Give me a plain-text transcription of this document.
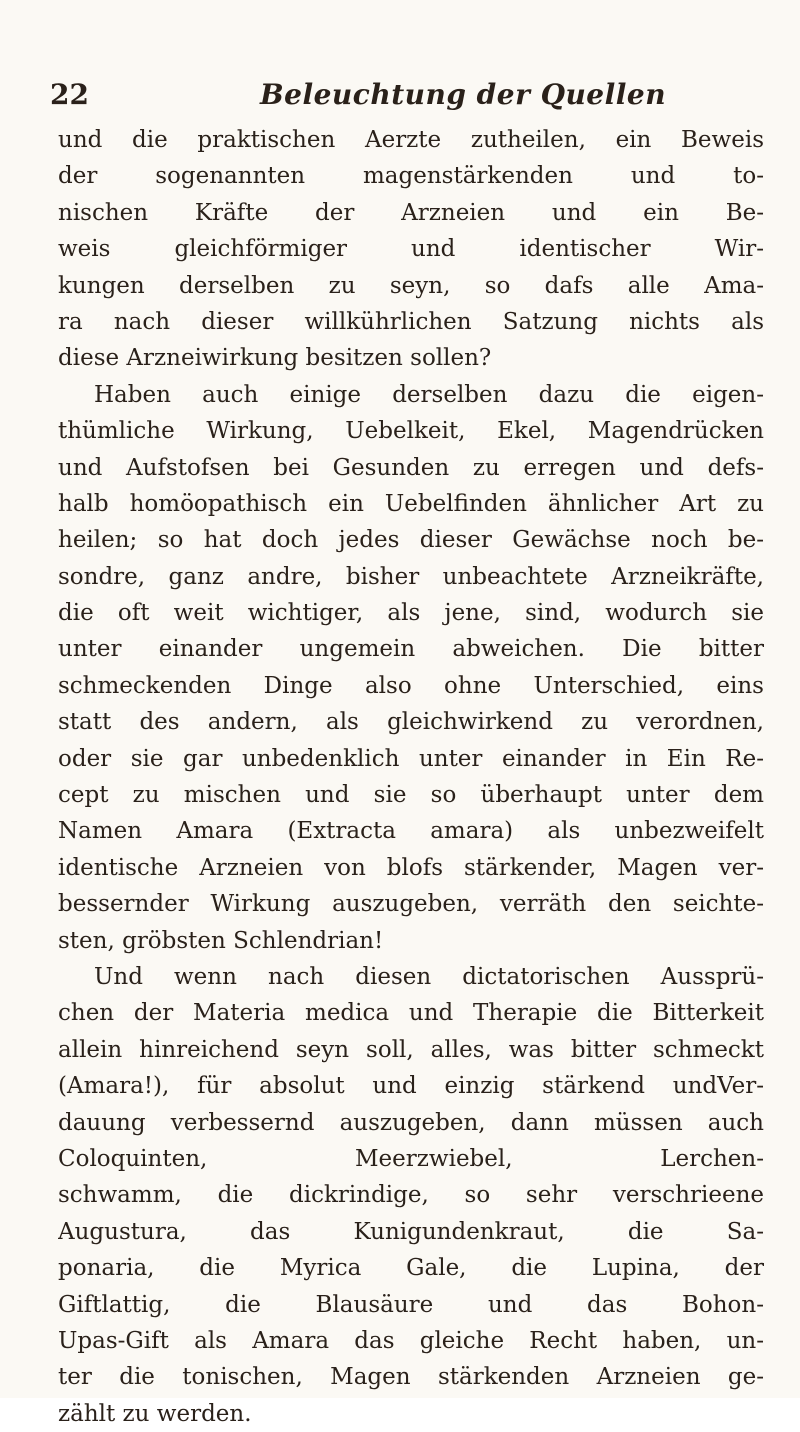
22	Beleuchtung der Quellen
und die praktischen Aerzte zutheilen, ein Beweis
der sogenannten magenstärkenden und to-
nischen Kräfte der Arzneien und ein Be-
weis gleichförmiger und identischer Wir-
kungen derselben zu seyn, so dafs alle Ama-
ra nach dieser willkührlichen Satzung nichts als
diese Arzneiwirkung besitzen sollen?
Haben auch einige derselben dazu die eigen-
thümliche Wirkung, Uebelkeit, Ekel, Magendrücken
und Aufstofsen bei Gesunden zu erregen und defs-
halb homöopathisch ein Uebelfinden ähnlicher Art zu
heilen; so hat doch jedes dieser Gewächse noch be-
sondre, ganz andre, bisher unbeachtete Arzneikräfte,
die oft weit wichtiger, als jene, sind, wodurch sie
unter einander ungemein abweichen. Die bitter
schmeckenden Dinge also ohne Unterschied, eins
statt des andern, als gleichwirkend zu verordnen,
oder sie gar unbedenklich unter einander in Ein Re-
cept zu mischen und sie so überhaupt unter dem
Namen Amara (Extracta amara) als unbezweifelt
identische Arzneien von blofs stärkender, Magen ver-
bessernder Wirkung auszugeben, verräth den seichte-
sten, gröbsten Schlendrian!
Und wenn nach diesen dictatorischen Aussprü-
chen der Materia medica und Therapie die Bitterkeit
allein hinreichend seyn soll, alles, was bitter schmeckt
(Amara!), für absolut und einzig stärkend undVer-
dauung verbessernd auszugeben, dann müssen auch
Coloquinten, Meerzwiebel, Lerchen-
schwamm, die dickrindige, so sehr verschrieene
Augustura, das Kunigundenkraut, die Sa-
ponaria, die Myrica Gale, die Lupina, der
Giftlattig, die Blausäure und das Bohon-
Upas-Gift als Amara das gleiche Recht haben, un-
ter die tonischen, Magen stärkenden Arzneien ge-
zählt zu werden.
